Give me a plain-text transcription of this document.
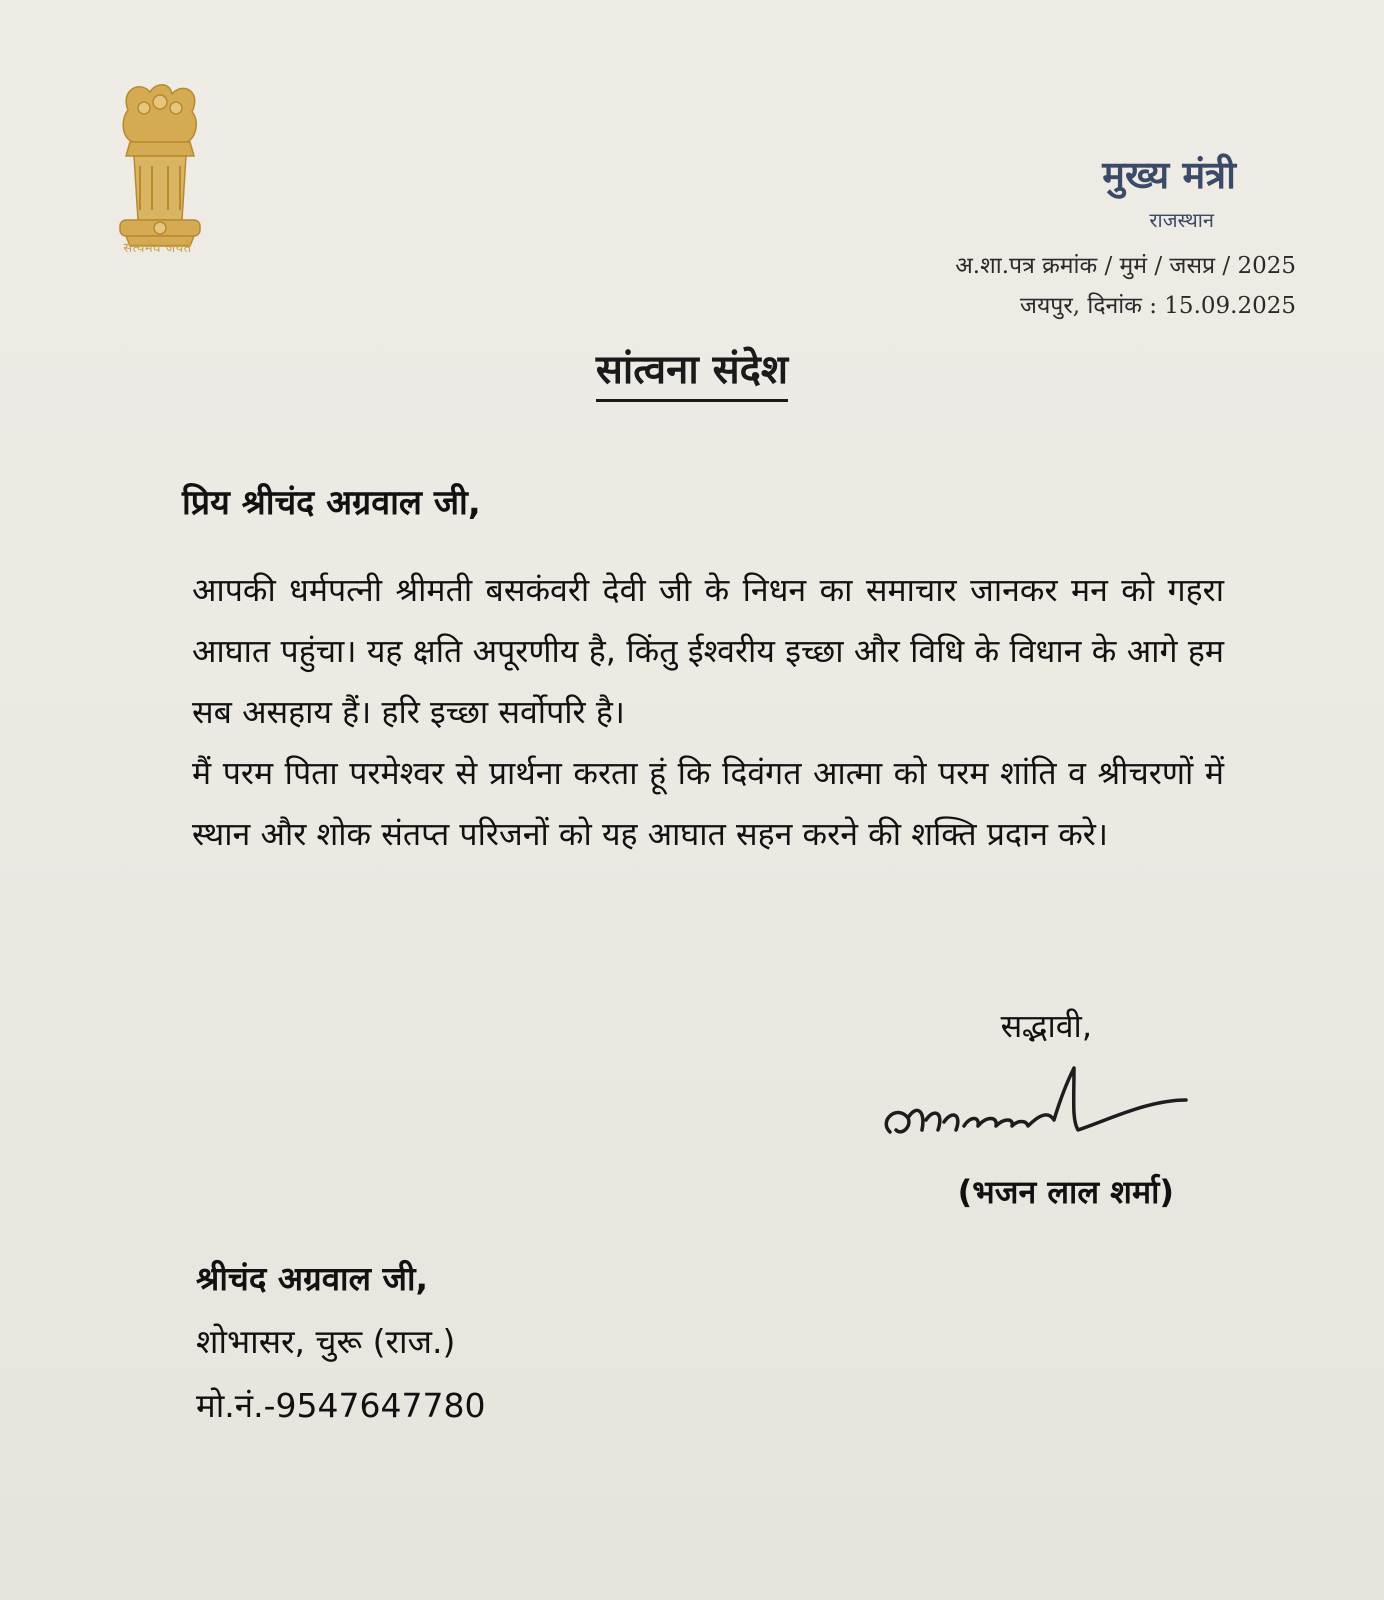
सत्यमेव जयते
मुख्य मंत्री
राजस्थान
अ.शा.पत्र क्रमांक / मुमं / जसप्र / 2025
जयपुर, दिनांक : 15.09.2025
सांत्वना संदेश
प्रिय श्रीचंद अग्रवाल जी,

आपकी धर्मपत्नी श्रीमती बसकंवरी देवी जी के निधन का समाचार जानकर मन को गहरा आघात पहुंचा। यह क्षति अपूरणीय है, किंतु ईश्वरीय इच्छा और विधि के विधान के आगे हम सब असहाय हैं। हरि इच्छा सर्वोपरि है।

मैं परम पिता परमेश्वर से प्रार्थना करता हूं कि दिवंगत आत्मा को परम शांति व श्रीचरणों में स्थान और शोक संतप्त परिजनों को यह आघात सहन करने की शक्ति प्रदान करे।

सद्भावी,
(भजन लाल शर्मा)
श्रीचंद अग्रवाल जी,
शोभासर, चुरू (राज.)
मो.नं.-9547647780
